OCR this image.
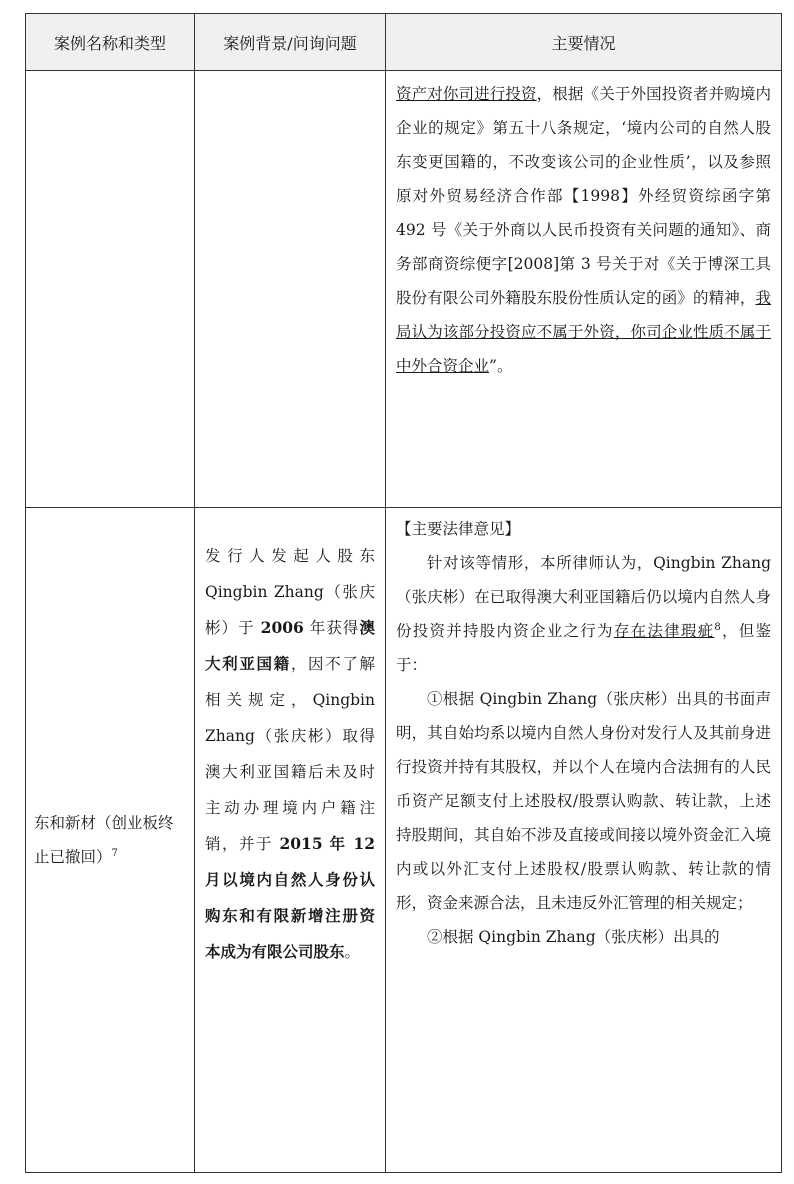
案例名称和类型	案例背景/问询问题	主要情况

		资产对你司进行投资，根据《关于外国投资者并购境内企业的规定》第五十八条规定，‘境内公司的自然人股东变更国籍的，不改变该公司的企业性质’，以及参照原对外贸易经济合作部【1998】外经贸资综函字第 492 号《关于外商以人民币投资有关问题的通知》、商务部商资综便字[2008]第 3 号关于对《关于博深工具股份有限公司外籍股东股份性质认定的函》的精神，我局认为该部分投资应不属于外资，你司企业性质不属于中外合资企业”。

东和新材（创业板终止已撤回）$^7$	发行人发起人股东 Qingbin Zhang（张庆彬）于 2006 年获得澳大利亚国籍，因不了解相关规定，Qingbin Zhang（张庆彬）取得澳大利亚国籍后未及时主动办理境内户籍注销，并于 2015 年 12 月以境内自然人身份认购东和有限新增注册资本成为有限公司股东。	【主要法律意见】

针对该等情形，本所律师认为，Qingbin Zhang（张庆彬）在已取得澳大利亚国籍后仍以境内自然人身份投资并持股内资企业之行为存在法律瑕疵$^8$，但鉴于：

①根据 Qingbin Zhang（张庆彬）出具的书面声明，其自始均系以境内自然人身份对发行人及其前身进行投资并持有其股权，并以个人在境内合法拥有的人民币资产足额支付上述股权/股票认购款、转让款，上述持股期间，其自始不涉及直接或间接以境外资金汇入境内或以外汇支付上述股权/股票认购款、转让款的情形，资金来源合法，且未违反外汇管理的相关规定；

②根据 Qingbin Zhang（张庆彬）出具的
